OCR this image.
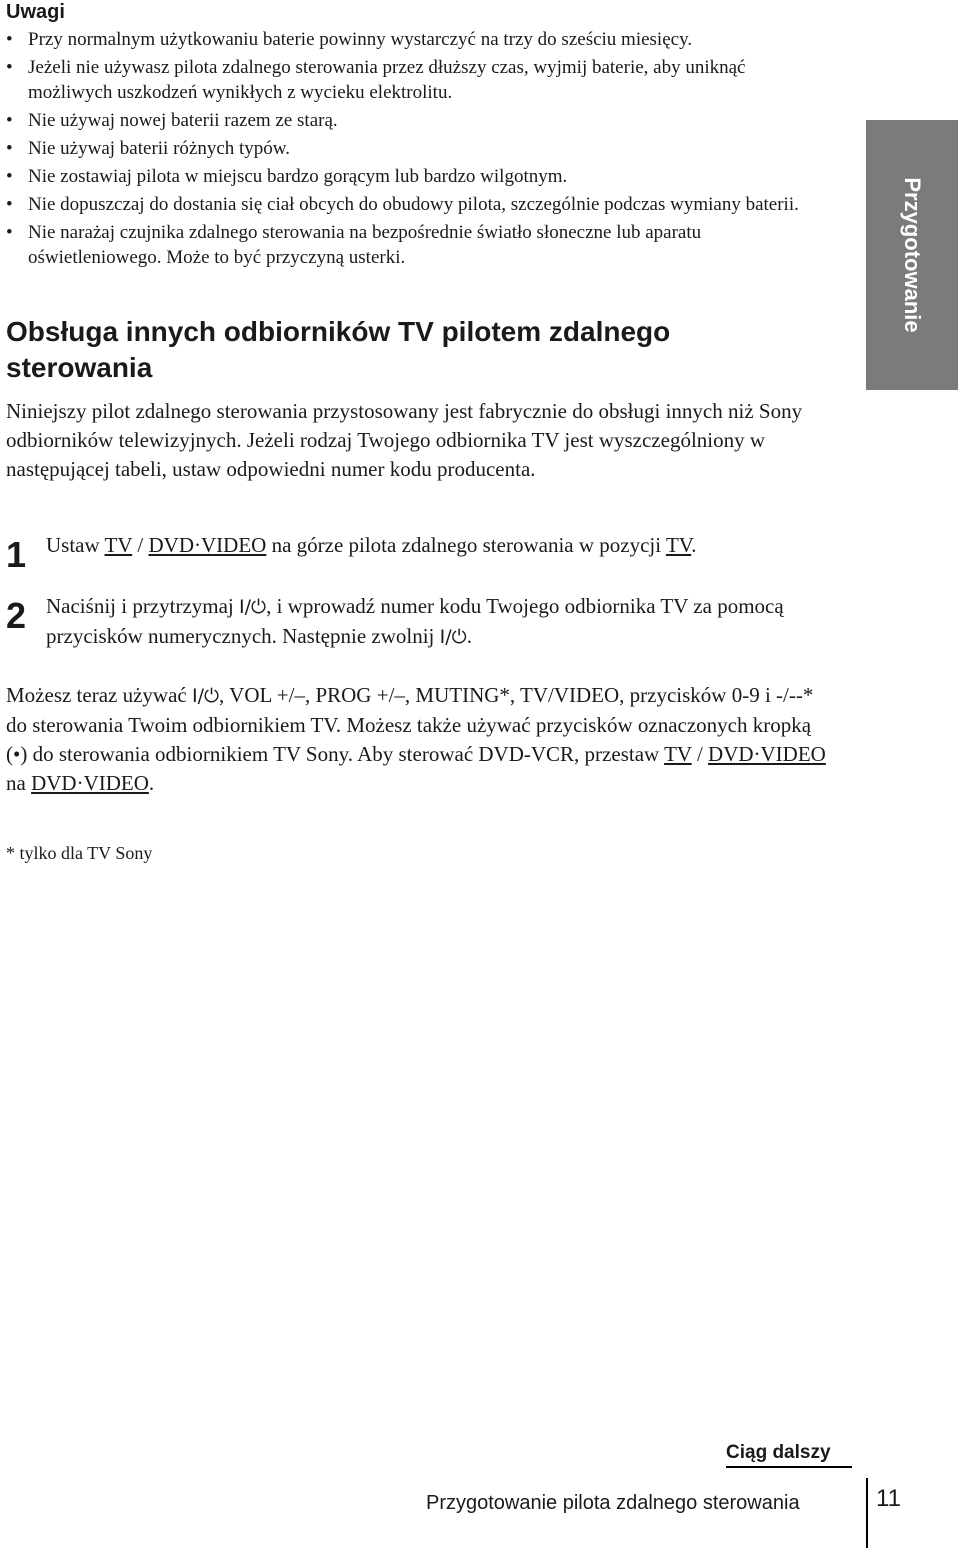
Uwagi
• Przy normalnym użytkowaniu baterie powinny wystarczyć na trzy do sześciu miesięcy.
• Jeżeli nie używasz pilota zdalnego sterowania przez dłuższy czas, wyjmij baterie, aby uniknąć możliwych uszkodzeń wynikłych z wycieku elektrolitu.
• Nie używaj nowej baterii razem ze starą.
• Nie używaj baterii różnych typów.
• Nie zostawiaj pilota w miejscu bardzo gorącym lub bardzo wilgotnym.
• Nie dopuszczaj do dostania się ciał obcych do obudowy pilota, szczególnie podczas wymiany baterii.
• Nie narażaj czujnika zdalnego sterowania na bezpośrednie światło słoneczne lub aparatu oświetleniowego. Może to być przyczyną usterki.
Obsługa innych odbiorników TV pilotem zdalnego sterowania

Niniejszy pilot zdalnego sterowania przystosowany jest fabrycznie do obsługi innych niż Sony odbiorników telewizyjnych. Jeżeli rodzaj Twojego odbiornika TV jest wyszczególniony w następującej tabeli, ustaw odpowiedni numer kodu producenta.

1 Ustaw TV / DVD·VIDEO na górze pilota zdalnego sterowania w pozycji TV.
2 Naciśnij i przytrzymaj I/⏻, i wprowadź numer kodu Twojego odbiornika TV za pomocą przycisków numerycznych. Następnie zwolnij I/⏻.

Możesz teraz używać I/⏻, VOL +/–, PROG +/–, MUTING*, TV/VIDEO, przycisków 0-9 i -/--* do sterowania Twoim odbiornikiem TV. Możesz także używać przycisków oznaczonych kropką (•) do sterowania odbiornikiem TV Sony. Aby sterować DVD-VCR, przestaw TV / DVD·VIDEO na DVD·VIDEO.

* tylko dla TV Sony
Przygotowanie
Ciąg dalszy
Przygotowanie pilota zdalnego sterowania	11
